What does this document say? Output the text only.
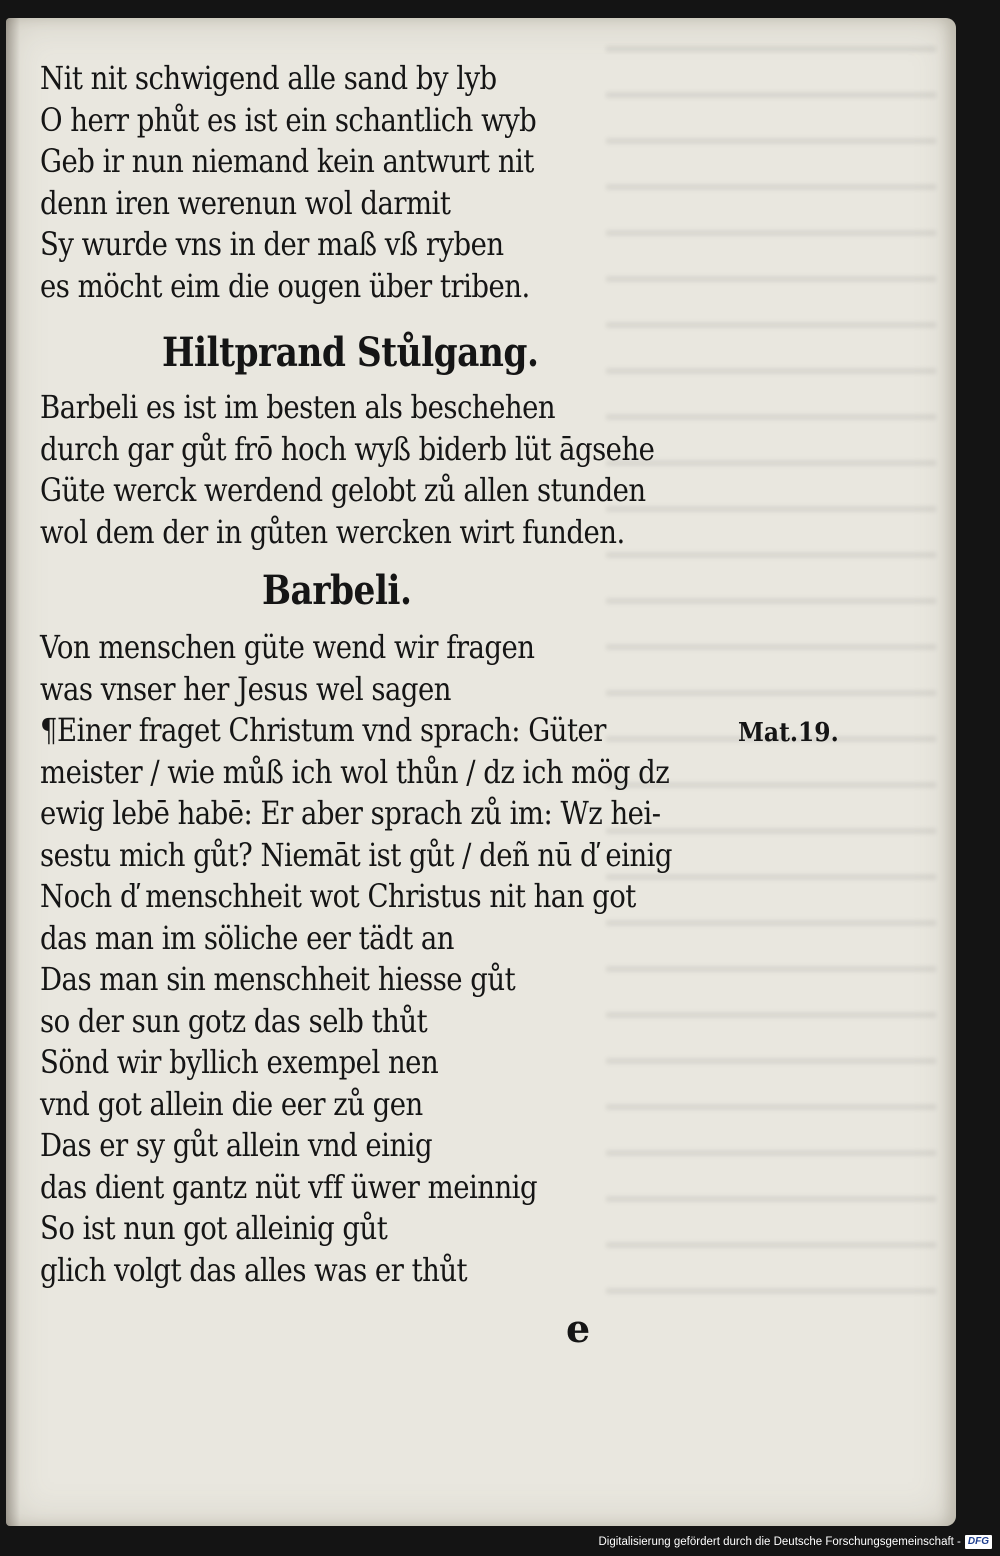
Nit nit schwigend alle sand by lyb
O herr phůt es ist ein schantlich wyb
Geb ir nun niemand kein antwurt nit
denn iren werenun wol darmit
Sy wurde vns in der maß vß ryben
es möcht eim die ougen über triben.
Hiltprand Stůlgang.
Barbeli es ist im besten als beschehen
durch gar gůt frō hoch wyß biderb lüt āgsehe
Güte werck werdend gelobt zů allen stunden
wol dem der in gůten wercken wirt funden.
Barbeli.
Von menschen güte wend wir fragen
was vnser her Jesus wel sagen
¶Einer fraget Christum vnd sprach: Güter
meister / wie můß ich wol thůn / dz ich mög dz
ewig lebē habē: Er aber sprach zů im: Wz hei-
sestu mich gůt? Niemāt ist gůt / deñ nū ď einig
Noch ď menschheit wot Christus nit han got
das man im söliche eer tädt an
Das man sin menschheit hiesse gůt
so der sun gotz das selb thůt
Sönd wir byllich exempel nen
vnd got allein die eer zů gen
Das er sy gůt allein vnd einig
das dient gantz nüt vff üwer meinnig
So ist nun got alleinig gůt
glich volgt das alles was er thůt
Mat.19.
e
Digitalisierung gefördert durch die Deutsche Forschungsgemeinschaft - DFG
